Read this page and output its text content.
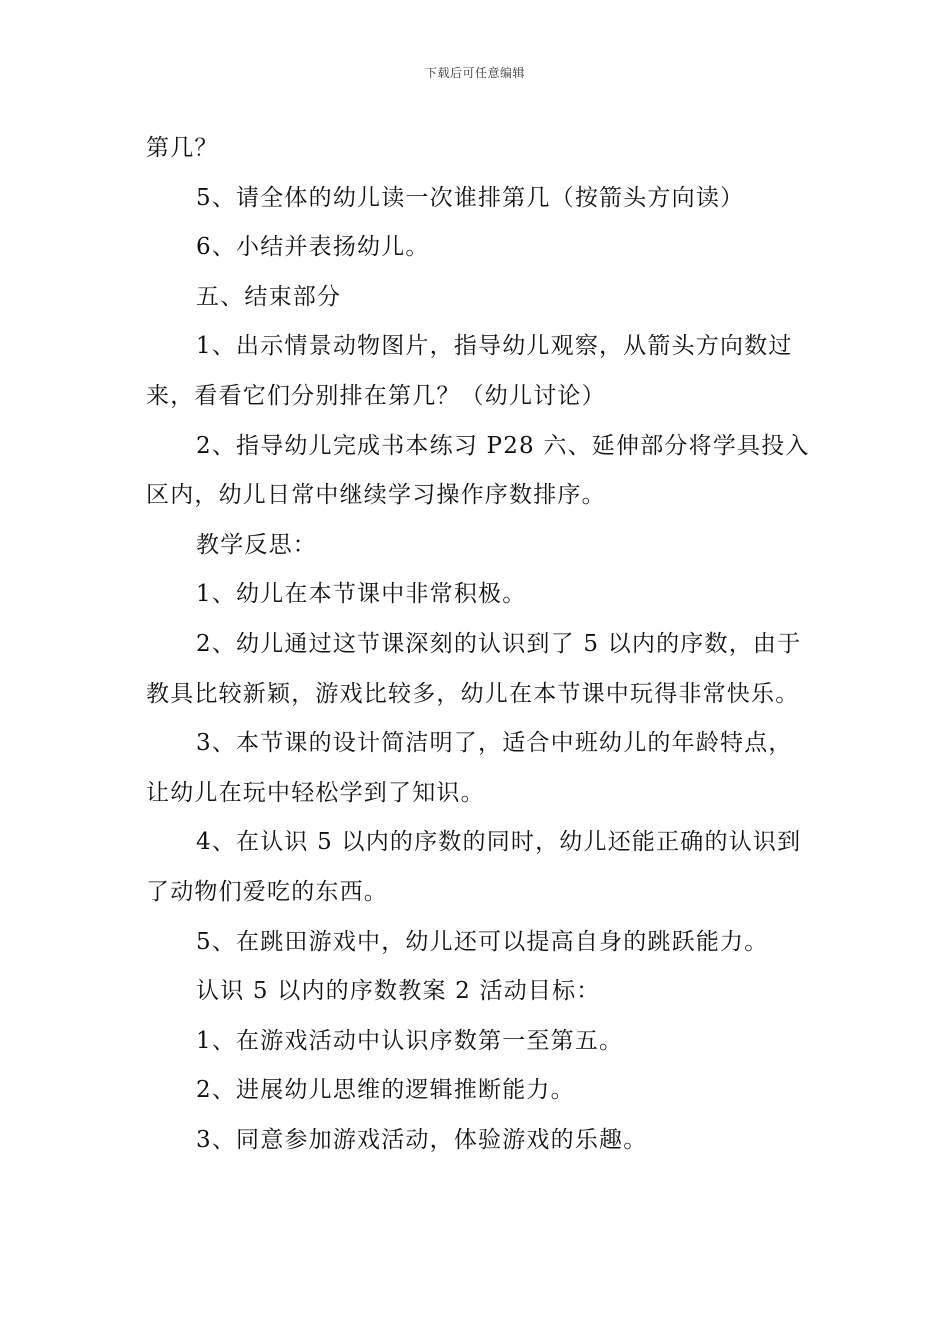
下载后可任意编辑

第几？

5、请全体的幼儿读一次谁排第几（按箭头方向读）

6、小结并表扬幼儿。

五、结束部分

1、出示情景动物图片，指导幼儿观察，从箭头方向数过来，看看它们分别排在第几？（幼儿讨论）

2、指导幼儿完成书本练习 P28 六、延伸部分将学具投入区内，幼儿日常中继续学习操作序数排序。

教学反思：

1、幼儿在本节课中非常积极。

2、幼儿通过这节课深刻的认识到了 5 以内的序数，由于教具比较新颖，游戏比较多，幼儿在本节课中玩得非常快乐。

3、本节课的设计简洁明了，适合中班幼儿的年龄特点，让幼儿在玩中轻松学到了知识。

4、在认识 5 以内的序数的同时，幼儿还能正确的认识到了动物们爱吃的东西。

5、在跳田游戏中，幼儿还可以提高自身的跳跃能力。

认识 5 以内的序数教案 2 活动目标：

1、在游戏活动中认识序数第一至第五。

2、进展幼儿思维的逻辑推断能力。

3、同意参加游戏活动，体验游戏的乐趣。
